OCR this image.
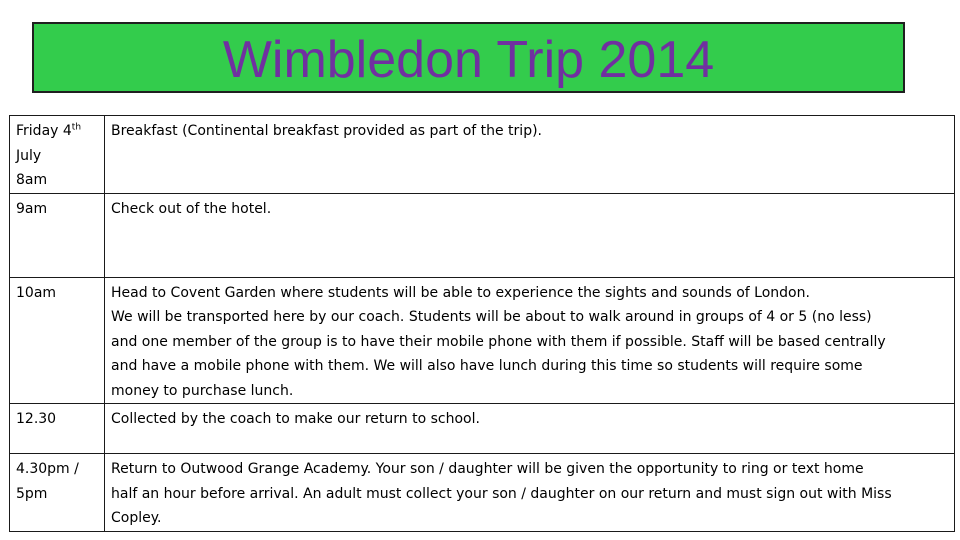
Wimbledon Trip 2014
Friday 4th
July
8am	Breakfast (Continental breakfast provided as part of the trip).

9am	Check out of the hotel.

10am	Head to Covent Garden where students will be able to experience the sights and sounds of London.
We will be transported here by our coach. Students will be about to walk around in groups of 4 or 5 (no less)
and one member of the group is to have their mobile phone with them if possible. Staff will be based centrally
and have a mobile phone with them. We will also have lunch during this time so students will require some
money to purchase lunch.

12.30	Collected by the coach to make our return to school.

4.30pm /
5pm	Return to Outwood Grange Academy. Your son / daughter will be given the opportunity to ring or text home
half an hour before arrival. An adult must collect your son / daughter on our return and must sign out with Miss
Copley.
